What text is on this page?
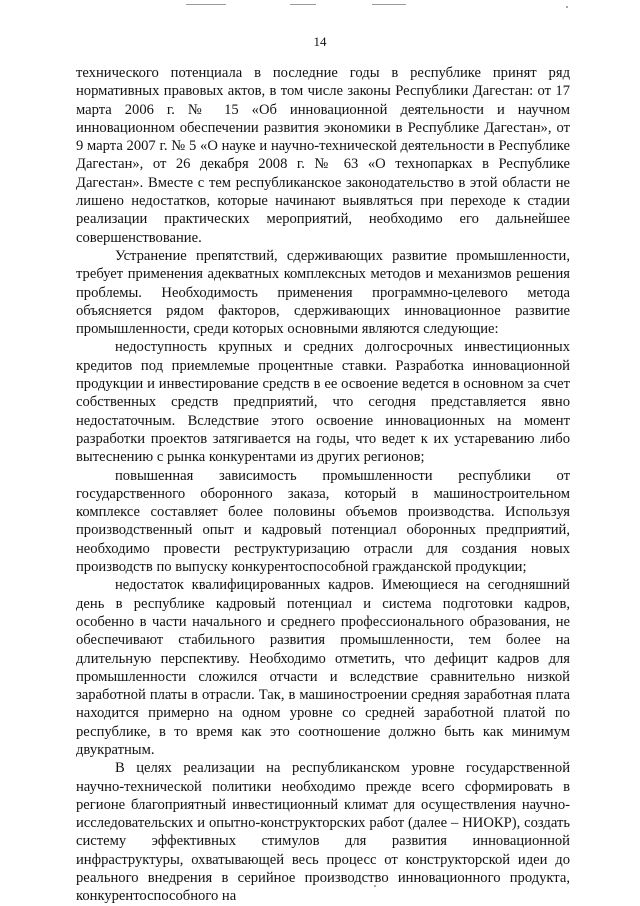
14

технического потенциала в последние годы в республике принят ряд нормативных правовых актов, в том числе законы Республики Дагестан: от 17 марта 2006 г. № 15 «Об инновационной деятельности и научном инновационном обеспечении развития экономики в Республике Дагестан», от 9 марта 2007 г. № 5 «О науке и научно-технической деятельности в Республике Дагестан», от 26 декабря 2008 г. № 63 «О технопарках в Республике Дагестан». Вместе с тем республиканское законодательство в этой области не лишено недостатков, которые начинают выявляться при переходе к стадии реализации практических мероприятий, необходимо его дальнейшее совершенствование.

Устранение препятствий, сдерживающих развитие промышленности, требует применения адекватных комплексных методов и механизмов решения проблемы. Необходимость применения программно-целевого метода объясняется рядом факторов, сдерживающих инновационное развитие промышленности, среди которых основными являются следующие:

недоступность крупных и средних долгосрочных инвестиционных кредитов под приемлемые процентные ставки. Разработка инновационной продукции и инвестирование средств в ее освоение ведется в основном за счет собственных средств предприятий, что сегодня представляется явно недостаточным. Вследствие этого освоение инновационных на момент разработки проектов затягивается на годы, что ведет к их устареванию либо вытеснению с рынка конкурентами из других регионов;

повышенная зависимость промышленности республики от государственного оборонного заказа, который в машиностроительном комплексе составляет более половины объемов производства. Используя производственный опыт и кадровый потенциал оборонных предприятий, необходимо провести реструктуризацию отрасли для создания новых производств по выпуску конкурентоспособной гражданской продукции;

недостаток квалифицированных кадров. Имеющиеся на сегодняшний день в республике кадровый потенциал и система подготовки кадров, особенно в части начального и среднего профессионального образования, не обеспечивают стабильного развития промышленности, тем более на длительную перспективу. Необходимо отметить, что дефицит кадров для промышленности сложился отчасти и вследствие сравнительно низкой заработной платы в отрасли. Так, в машиностроении средняя заработная плата находится примерно на одном уровне со средней заработной платой по республике, в то время как это соотношение должно быть как минимум двукратным.

В целях реализации на республиканском уровне государственной научно-технической политики необходимо прежде всего сформировать в регионе благоприятный инвестиционный климат для осуществления научно-исследовательских и опытно-конструкторских работ (далее – НИОКР), создать систему эффективных стимулов для развития инновационной инфраструктуры, охватывающей весь процесс от конструкторской идеи до реального внедрения в серийное производство инновационного продукта, конкурентоспособного на
